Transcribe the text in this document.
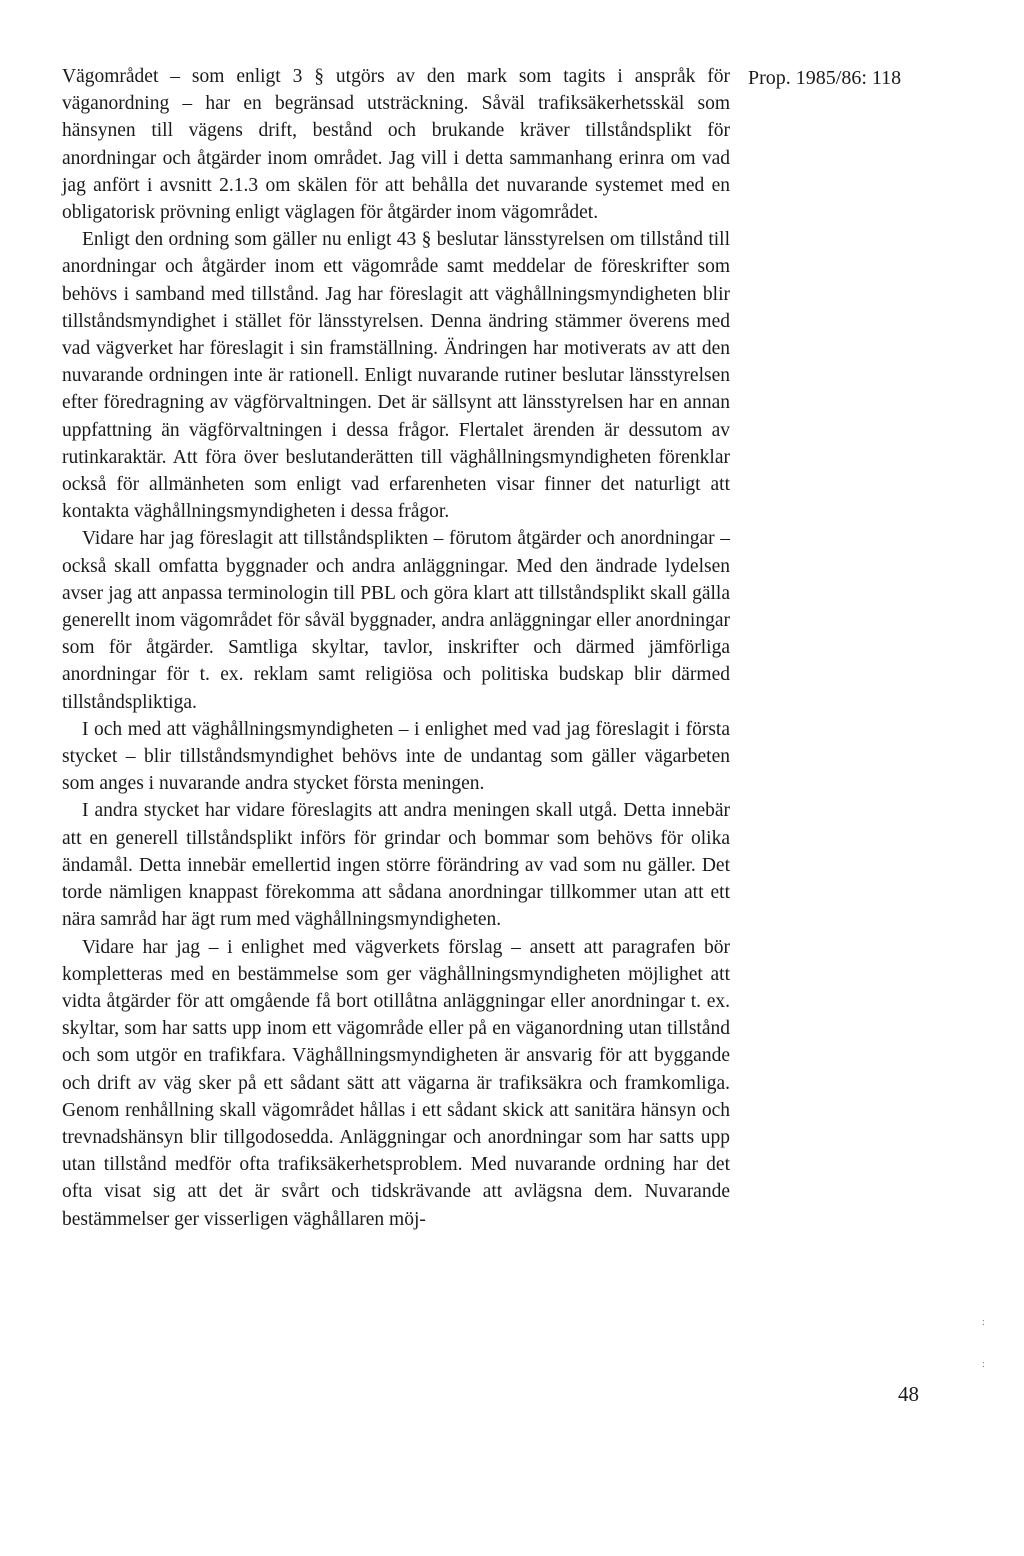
Prop. 1985/86: 118

Vägområdet – som enligt 3 § utgörs av den mark som tagits i anspråk för väganordning – har en begränsad utsträckning. Såväl trafiksäkerhetsskäl som hänsynen till vägens drift, bestånd och brukande kräver tillståndsplikt för anordningar och åtgärder inom området. Jag vill i detta sammanhang erinra om vad jag anfört i avsnitt 2.1.3 om skälen för att behålla det nuvarande systemet med en obligatorisk prövning enligt väglagen för åtgärder inom vägområdet.

Enligt den ordning som gäller nu enligt 43 § beslutar länsstyrelsen om tillstånd till anordningar och åtgärder inom ett vägområde samt meddelar de föreskrifter som behövs i samband med tillstånd. Jag har föreslagit att väghållningsmyndigheten blir tillståndsmyndighet i stället för länsstyrelsen. Denna ändring stämmer överens med vad vägverket har föreslagit i sin framställning. Ändringen har motiverats av att den nuvarande ordningen inte är rationell. Enligt nuvarande rutiner beslutar länsstyrelsen efter föredragning av vägförvaltningen. Det är sällsynt att länsstyrelsen har en annan uppfattning än vägförvaltningen i dessa frågor. Flertalet ärenden är dessutom av rutinkaraktär. Att föra över beslutanderätten till väghållningsmyndigheten förenklar också för allmänheten som enligt vad erfarenheten visar finner det naturligt att kontakta väghållningsmyndigheten i dessa frågor.

Vidare har jag föreslagit att tillståndsplikten – förutom åtgärder och anordningar – också skall omfatta byggnader och andra anläggningar. Med den ändrade lydelsen avser jag att anpassa terminologin till PBL och göra klart att tillståndsplikt skall gälla generellt inom vägområdet för såväl byggnader, andra anläggningar eller anordningar som för åtgärder. Samtliga skyltar, tavlor, inskrifter och därmed jämförliga anordningar för t. ex. reklam samt religiösa och politiska budskap blir därmed tillståndspliktiga.

I och med att väghållningsmyndigheten – i enlighet med vad jag föreslagit i första stycket – blir tillståndsmyndighet behövs inte de undantag som gäller vägarbeten som anges i nuvarande andra stycket första meningen.

I andra stycket har vidare föreslagits att andra meningen skall utgå. Detta innebär att en generell tillståndsplikt införs för grindar och bommar som behövs för olika ändamål. Detta innebär emellertid ingen större förändring av vad som nu gäller. Det torde nämligen knappast förekomma att sådana anordningar tillkommer utan att ett nära samråd har ägt rum med väghållningsmyndigheten.

Vidare har jag – i enlighet med vägverkets förslag – ansett att paragrafen bör kompletteras med en bestämmelse som ger väghållningsmyndigheten möjlighet att vidta åtgärder för att omgående få bort otillåtna anläggningar eller anordningar t. ex. skyltar, som har satts upp inom ett vägområde eller på en väganordning utan tillstånd och som utgör en trafikfara. Väghållningsmyndigheten är ansvarig för att byggande och drift av väg sker på ett sådant sätt att vägarna är trafiksäkra och framkomliga. Genom renhållning skall vägområdet hållas i ett sådant skick att sanitära hänsyn och trevnadshänsyn blir tillgodosedda. Anläggningar och anordningar som har satts upp utan tillstånd medför ofta trafiksäkerhetsproblem. Med nuvarande ordning har det ofta visat sig att det är svårt och tidskrävande att avlägsna dem. Nuvarande bestämmelser ger visserligen väghållaren möj-

:
:
48
